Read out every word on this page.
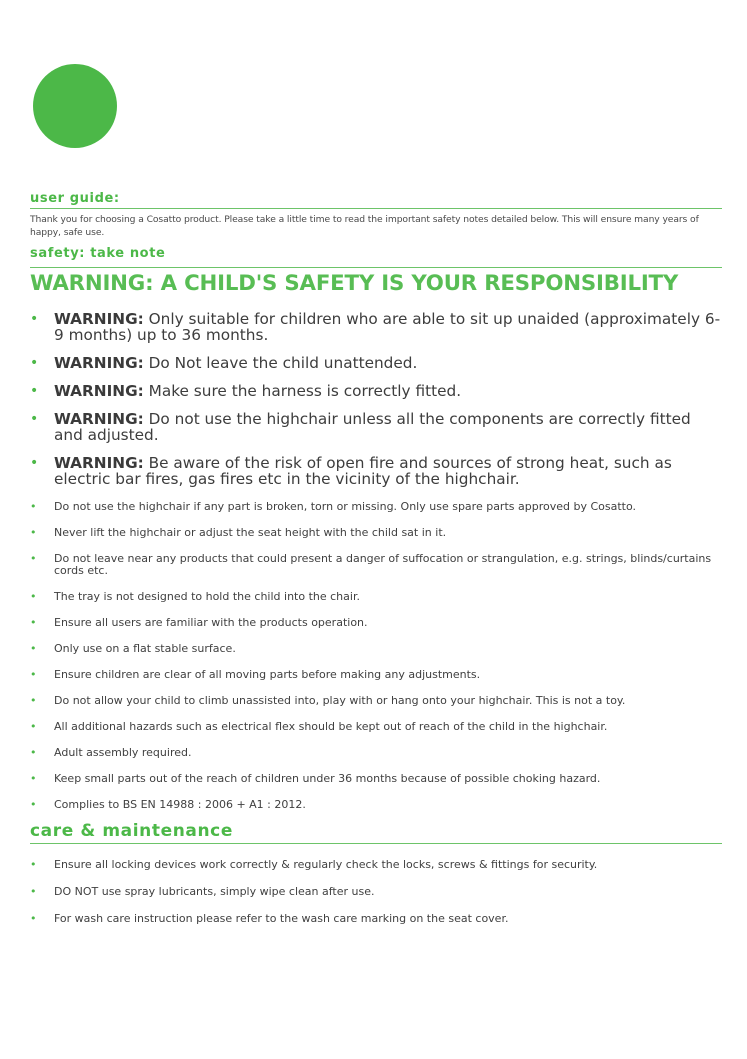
user guide:

Thank you for choosing a Cosatto product. Please take a little time to read the important safety notes detailed below. This will ensure many years of happy, safe use.

safety: take note
WARNING: A CHILD'S SAFETY IS YOUR RESPONSIBILITY
• WARNING: Only suitable for children who are able to sit up unaided (approximately 6-9 months) up to 36 months.
• WARNING: Do Not leave the child unattended.
• WARNING: Make sure the harness is correctly fitted.
• WARNING: Do not use the highchair unless all the components are correctly fitted and adjusted.
• WARNING: Be aware of the risk of open fire and sources of strong heat, such as electric bar fires, gas fires etc in the vicinity of the highchair.
• Do not use the highchair if any part is broken, torn or missing. Only use spare parts approved by Cosatto.
• Never lift the highchair or adjust the seat height with the child sat in it.
• Do not leave near any products that could present a danger of suffocation or strangulation, e.g. strings, blinds/curtains cords etc.
• The tray is not designed to hold the child into the chair.
• Ensure all users are familiar with the products operation.
• Only use on a flat stable surface.
• Ensure children are clear of all moving parts before making any adjustments.
• Do not allow your child to climb unassisted into, play with or hang onto your highchair. This is not a toy.
• All additional hazards such as electrical flex should be kept out of reach of the child in the highchair.
• Adult assembly required.
• Keep small parts out of the reach of children under 36 months because of possible choking hazard.
• Complies to BS EN 14988 : 2006 + A1 : 2012.
care & maintenance
• Ensure all locking devices work correctly & regularly check the locks, screws & fittings for security.
• DO NOT use spray lubricants, simply wipe clean after use.
• For wash care instruction please refer to the wash care marking on the seat cover.
